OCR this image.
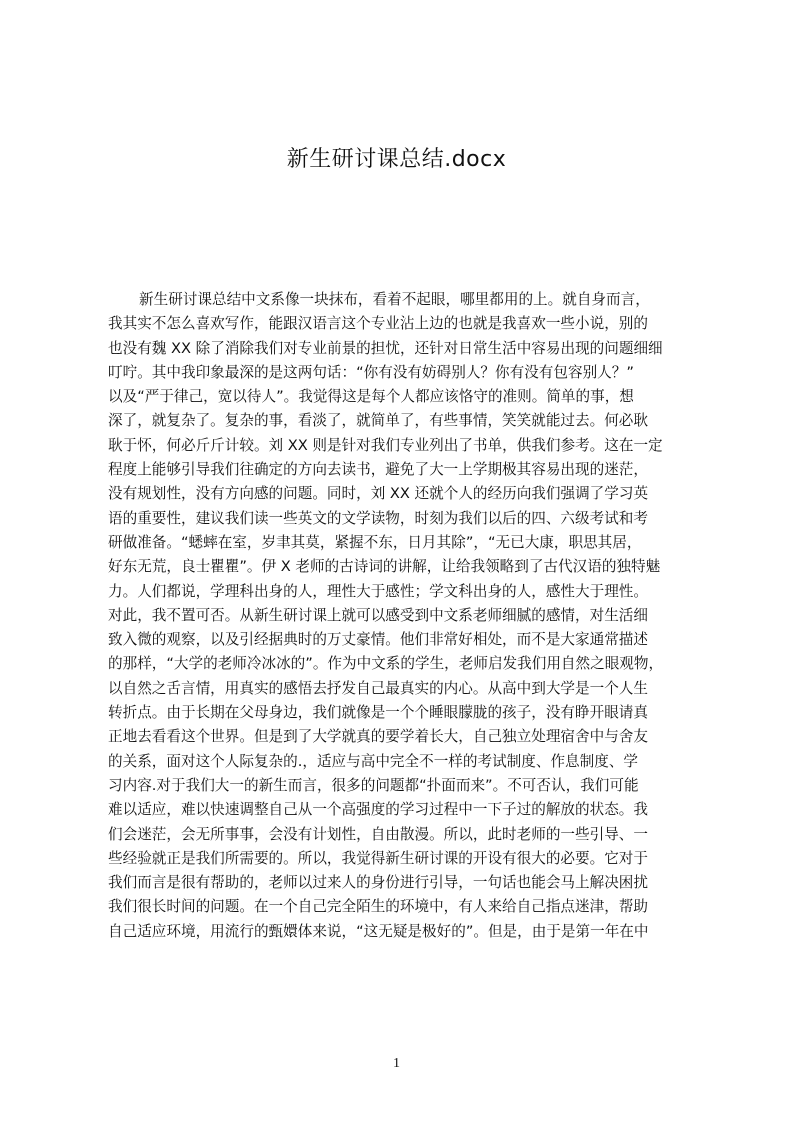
新生研讨课总结.docx
新生研讨课总结中文系像一块抹布，看着不起眼，哪里都用的上。就自身而言，
我其实不怎么喜欢写作，能跟汉语言这个专业沾上边的也就是我喜欢一些小说，别的
也没有魏 XX 除了消除我们对专业前景的担忧，还针对日常生活中容易出现的问题细细
叮咛。其中我印象最深的是这两句话：“你有没有妨碍别人？你有没有包容别人？”
以及“严于律己，宽以待人”。我觉得这是每个人都应该恪守的准则。简单的事，想
深了，就复杂了。复杂的事，看淡了，就简单了，有些事情，笑笑就能过去。何必耿
耿于怀，何必斤斤计较。刘 XX 则是针对我们专业列出了书单，供我们参考。这在一定
程度上能够引导我们往确定的方向去读书，避免了大一上学期极其容易出现的迷茫，
没有规划性，没有方向感的问题。同时，刘 XX 还就个人的经历向我们强调了学习英
语的重要性，建议我们读一些英文的文学读物，时刻为我们以后的四、六级考试和考
研做准备。“蟋蟀在室，岁聿其莫，紧握不东，日月其除”，“无已大康，职思其居，
好东无荒，良士瞿瞿”。伊 X 老师的古诗词的讲解，让给我领略到了古代汉语的独特魅
力。人们都说，学理科出身的人，理性大于感性；学文科出身的人，感性大于理性。
对此，我不置可否。从新生研讨课上就可以感受到中文系老师细腻的感情，对生活细
致入微的观察，以及引经据典时的万丈豪情。他们非常好相处，而不是大家通常描述
的那样，“大学的老师冷冰冰的”。作为中文系的学生，老师启发我们用自然之眼观物，
以自然之舌言情，用真实的感悟去抒发自己最真实的内心。从高中到大学是一个人生
转折点。由于长期在父母身边，我们就像是一个个睡眼朦胧的孩子，没有睁开眼请真
正地去看看这个世界。但是到了大学就真的要学着长大，自己独立处理宿舍中与舍友
的关系，面对这个人际复杂的.，适应与高中完全不一样的考试制度、作息制度、学
习内容.对于我们大一的新生而言，很多的问题都“扑面而来”。不可否认，我们可能
难以适应，难以快速调整自己从一个高强度的学习过程中一下子过的解放的状态。我
们会迷茫，会无所事事，会没有计划性，自由散漫。所以，此时老师的一些引导、一
些经验就正是我们所需要的。所以，我觉得新生研讨课的开设有很大的必要。它对于
我们而言是很有帮助的，老师以过来人的身份进行引导，一句话也能会马上解决困扰
我们很长时间的问题。在一个自己完全陌生的环境中，有人来给自己指点迷津，帮助
自己适应环境，用流行的甄嬛体来说，“这无疑是极好的”。但是，由于是第一年在中
1
